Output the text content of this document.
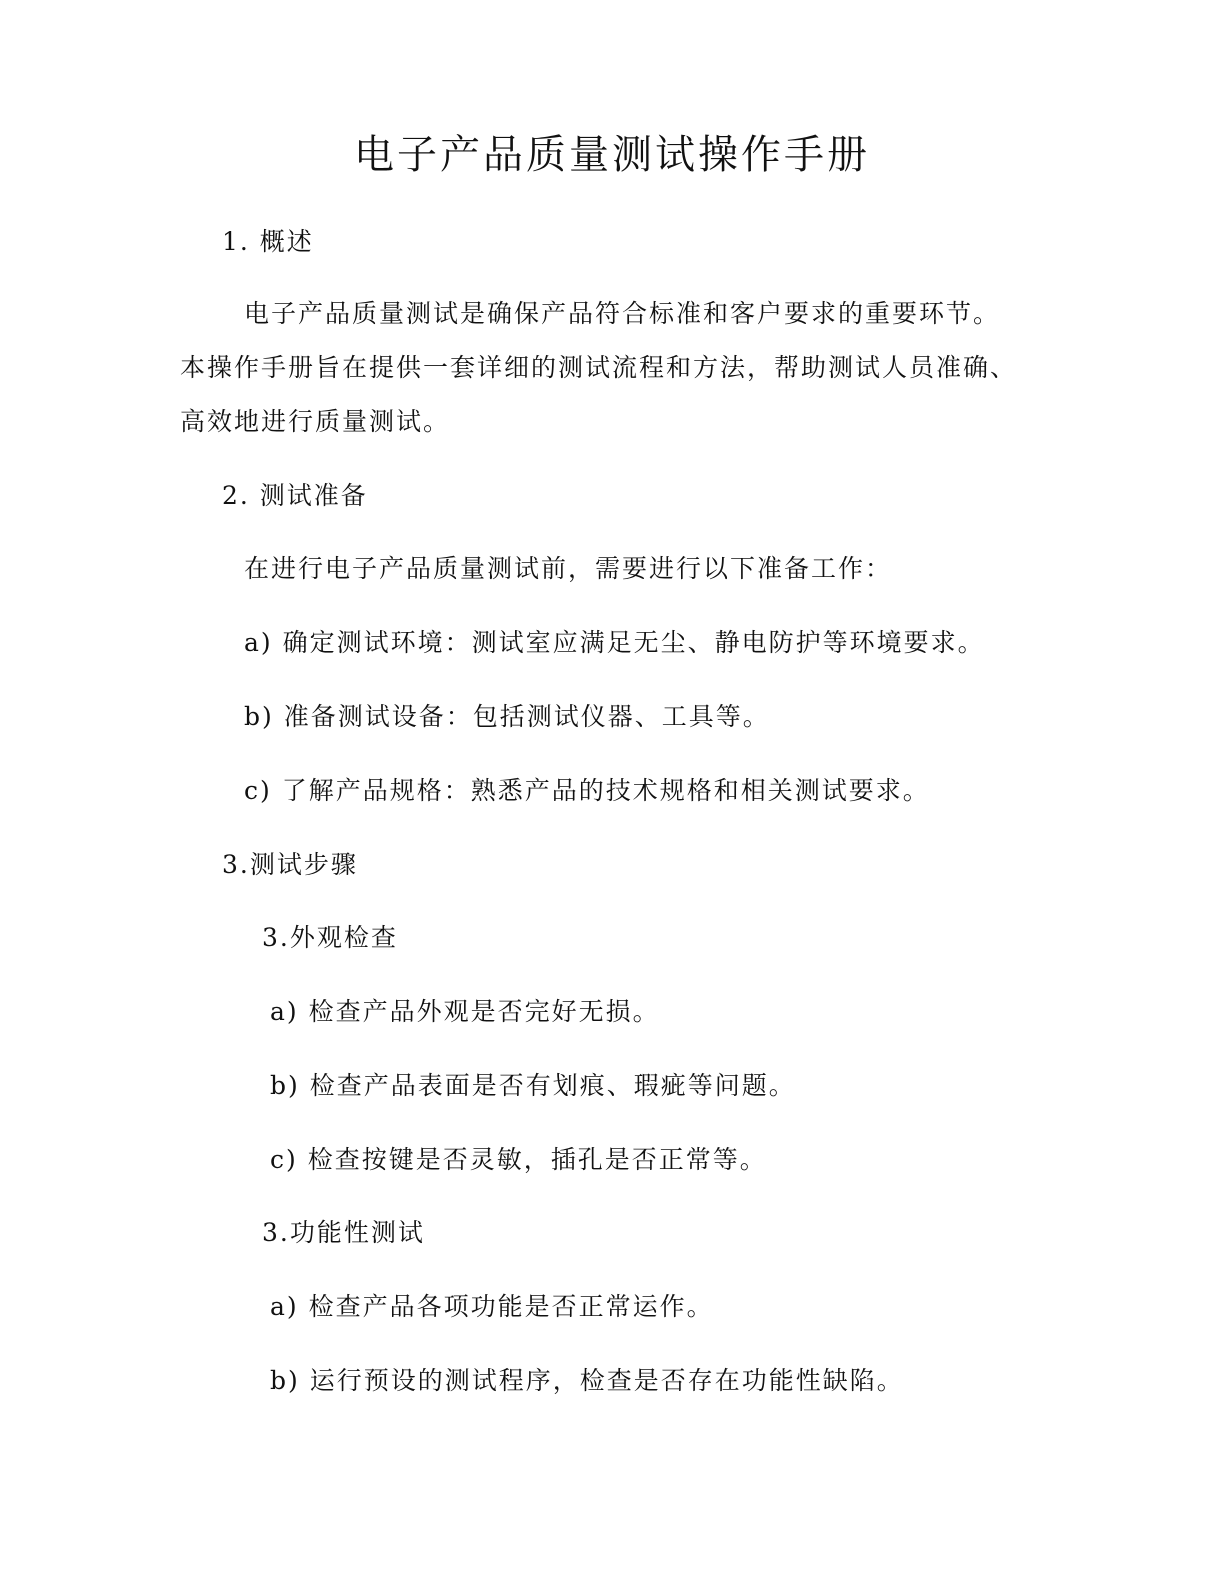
电子产品质量测试操作手册
1. 概述
电子产品质量测试是确保产品符合标准和客户要求的重要环节。
本操作手册旨在提供一套详细的测试流程和方法，帮助测试人员准确、
高效地进行质量测试。
2. 测试准备
在进行电子产品质量测试前，需要进行以下准备工作：
a) 确定测试环境：测试室应满足无尘、静电防护等环境要求。
b) 准备测试设备：包括测试仪器、工具等。
c) 了解产品规格：熟悉产品的技术规格和相关测试要求。
3.测试步骤
3.外观检查
a) 检查产品外观是否完好无损。
b) 检查产品表面是否有划痕、瑕疵等问题。
c) 检查按键是否灵敏，插孔是否正常等。
3.功能性测试
a) 检查产品各项功能是否正常运作。
b) 运行预设的测试程序，检查是否存在功能性缺陷。
